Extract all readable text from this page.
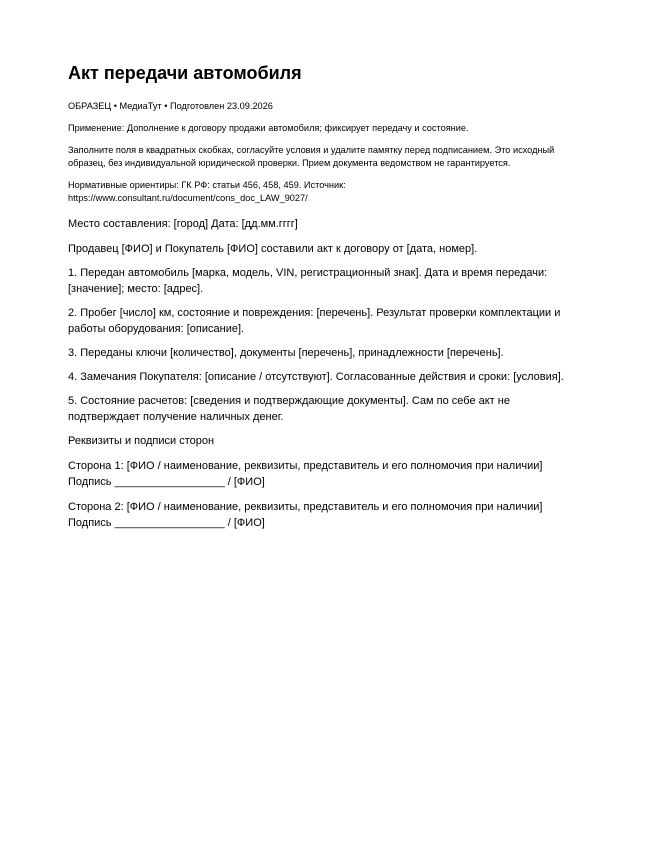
Акт передачи автомобиля
ОБРАЗЕЦ • МедиаТут • Подготовлен 23.09.2026
Применение: Дополнение к договору продажи автомобиля; фиксирует передачу и состояние.
Заполните поля в квадратных скобках, согласуйте условия и удалите памятку перед подписанием. Это исходный
образец, без индивидуальной юридической проверки. Прием документа ведомством не гарантируется.
Нормативные ориентиры: ГК РФ: статьи 456, 458, 459. Источник:
https://www.consultant.ru/document/cons_doc_LAW_9027/
Место составления: [город] Дата: [дд.мм.гггг]
Продавец [ФИО] и Покупатель [ФИО] составили акт к договору от [дата, номер].

1. Передан автомобиль [марка, модель, VIN, регистрационный знак]. Дата и время передачи:

[значение]; место: [адрес].

2. Пробег [число] км, состояние и повреждения: [перечень]. Результат проверки комплектации и

работы оборудования: [описание].

3. Переданы ключи [количество], документы [перечень], принадлежности [перечень].

4. Замечания Покупателя: [описание / отсутствуют]. Согласованные действия и сроки: [условия].

5. Состояние расчетов: [сведения и подтверждающие документы]. Сам по себе акт не

подтверждает получение наличных денег.

Реквизиты и подписи сторон
Сторона 1: [ФИО / наименование, реквизиты, представитель и его полномочия при наличии]
Подпись __________________ / [ФИО]
Сторона 2: [ФИО / наименование, реквизиты, представитель и его полномочия при наличии]
Подпись __________________ / [ФИО]
